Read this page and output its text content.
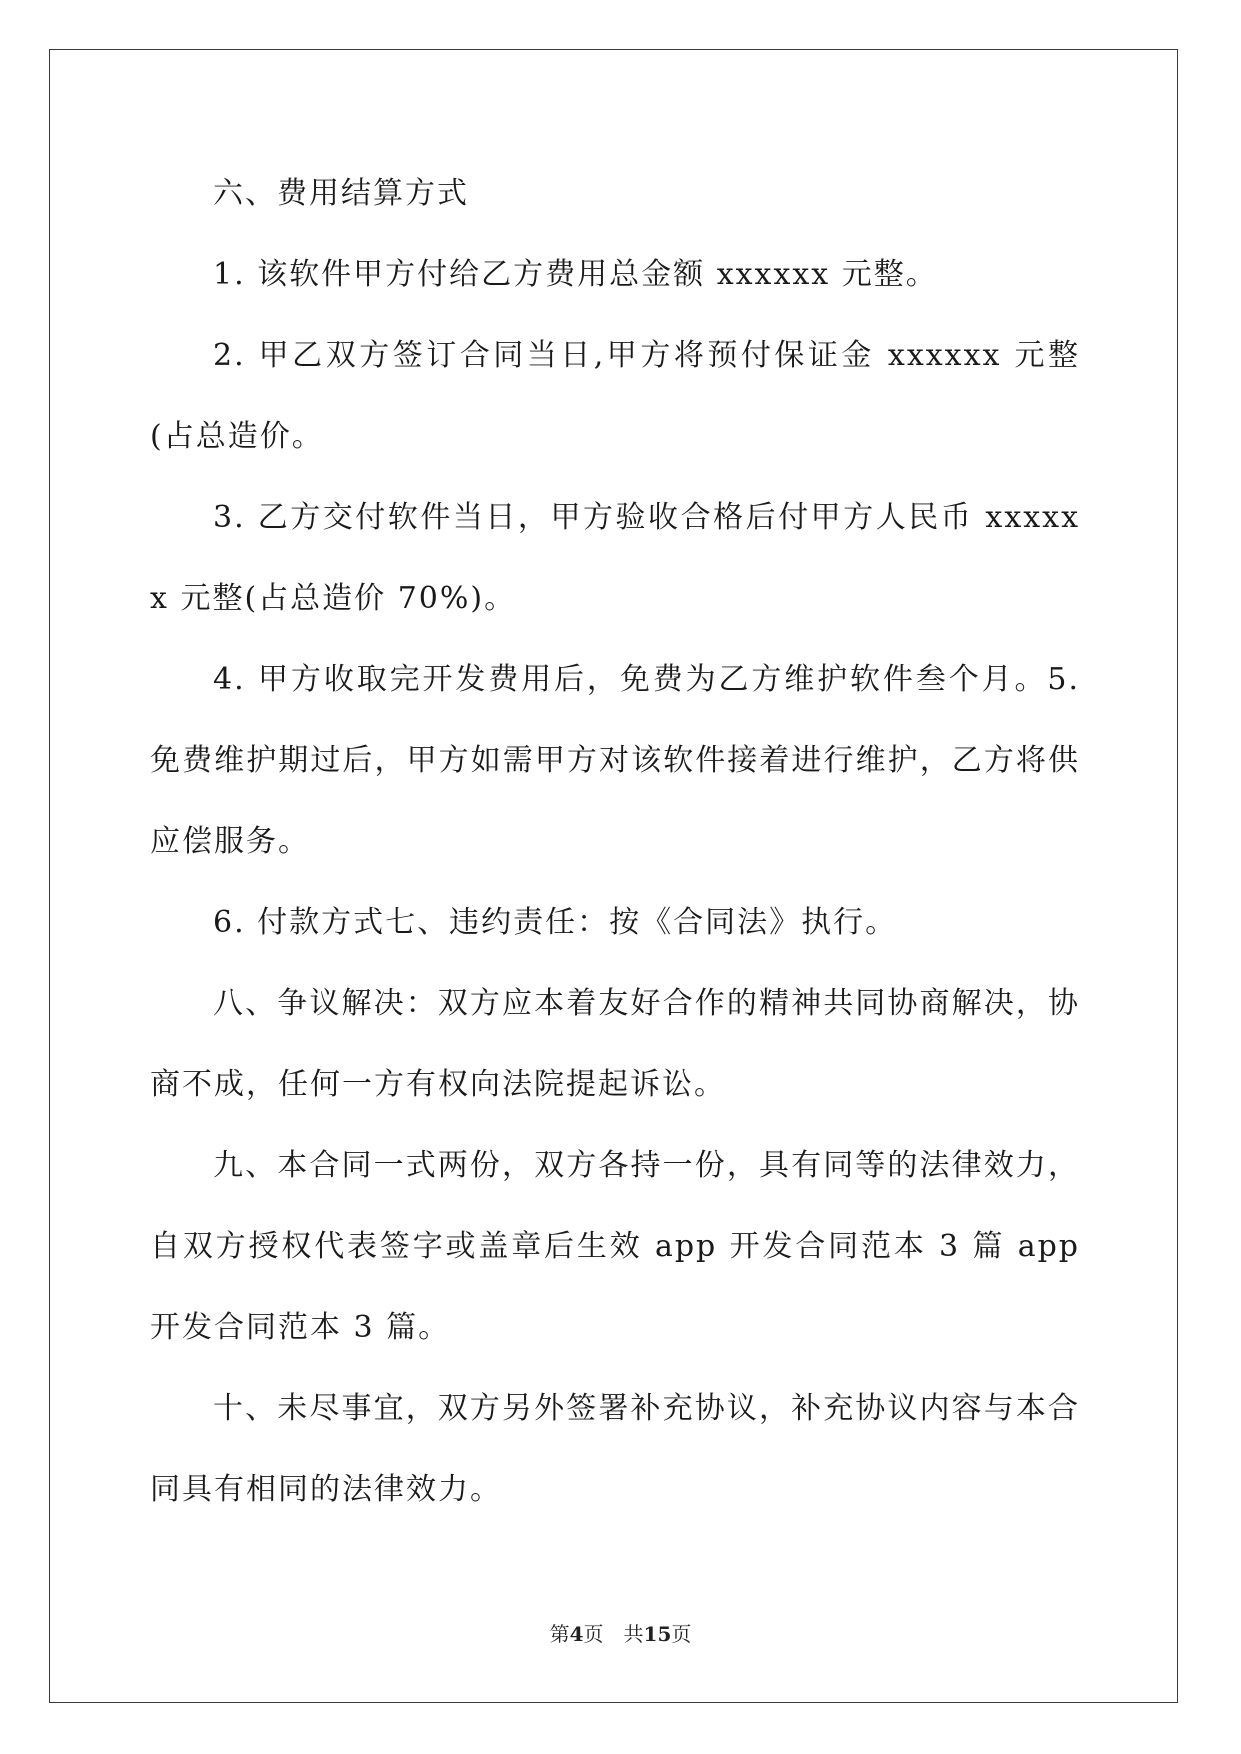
六、费用结算方式

1. 该软件甲方付给乙方费用总金额 xxxxxx 元整。

2. 甲乙双方签订合同当日,甲方将预付保证金 xxxxxx 元整(占总造价。

3. 乙方交付软件当日，甲方验收合格后付甲方人民币 xxxxxx 元整(占总造价 70%)。

4. 甲方收取完开发费用后，免费为乙方维护软件叁个月。5. 免费维护期过后，甲方如需甲方对该软件接着进行维护，乙方将供应偿服务。

6. 付款方式七、违约责任：按《合同法》执行。

八、争议解决：双方应本着友好合作的精神共同协商解决，协商不成，任何一方有权向法院提起诉讼。

九、本合同一式两份，双方各持一份，具有同等的法律效力，自双方授权代表签字或盖章后生效 app 开发合同范本 3 篇 app 开发合同范本 3 篇。

十、未尽事宜，双方另外签署补充协议，补充协议内容与本合同具有相同的法律效力。

第4页 共15页
